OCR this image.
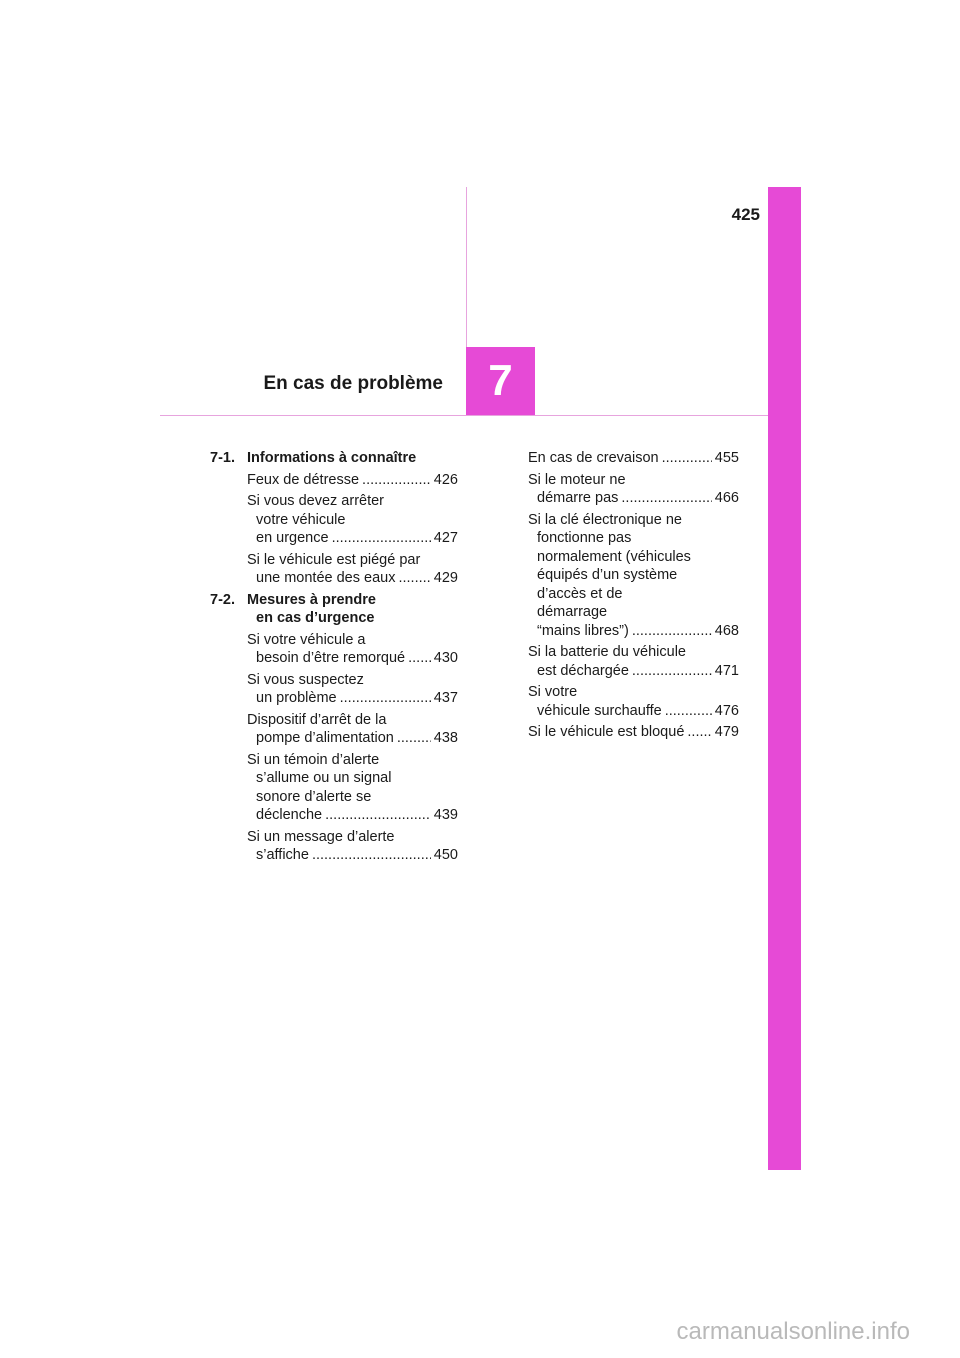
425
En cas de problème 7
7-1. Informations à connaître
Feux de détresse .....	426
Si vous devez arrêter
votre véhicule
en urgence .....	427
Si le véhicule est piégé par
une montée des eaux .....	429
7-2. Mesures à prendre
en cas d’urgence
Si votre véhicule a
besoin d’être remorqué ..... 430
Si vous suspectez
un problème .....	437
Dispositif d’arrêt de la
pompe d’alimentation .....	438
Si un témoin d’alerte
s’allume ou un signal
sonore d’alerte se
déclenche .....	439
Si un message d’alerte
s’affiche .....	450
En cas de crevaison .....	455
Si le moteur ne
démarre pas .....	466
Si la clé électronique ne
fonctionne pas
normalement (véhicules
équipés d’un système
d’accès et de
démarrage
“mains libres”) .....	468
Si la batterie du véhicule
est déchargée .....	471
Si votre
véhicule surchauffe .....	476
Si le véhicule est bloqué ..... 479
carmanualsonline.info
